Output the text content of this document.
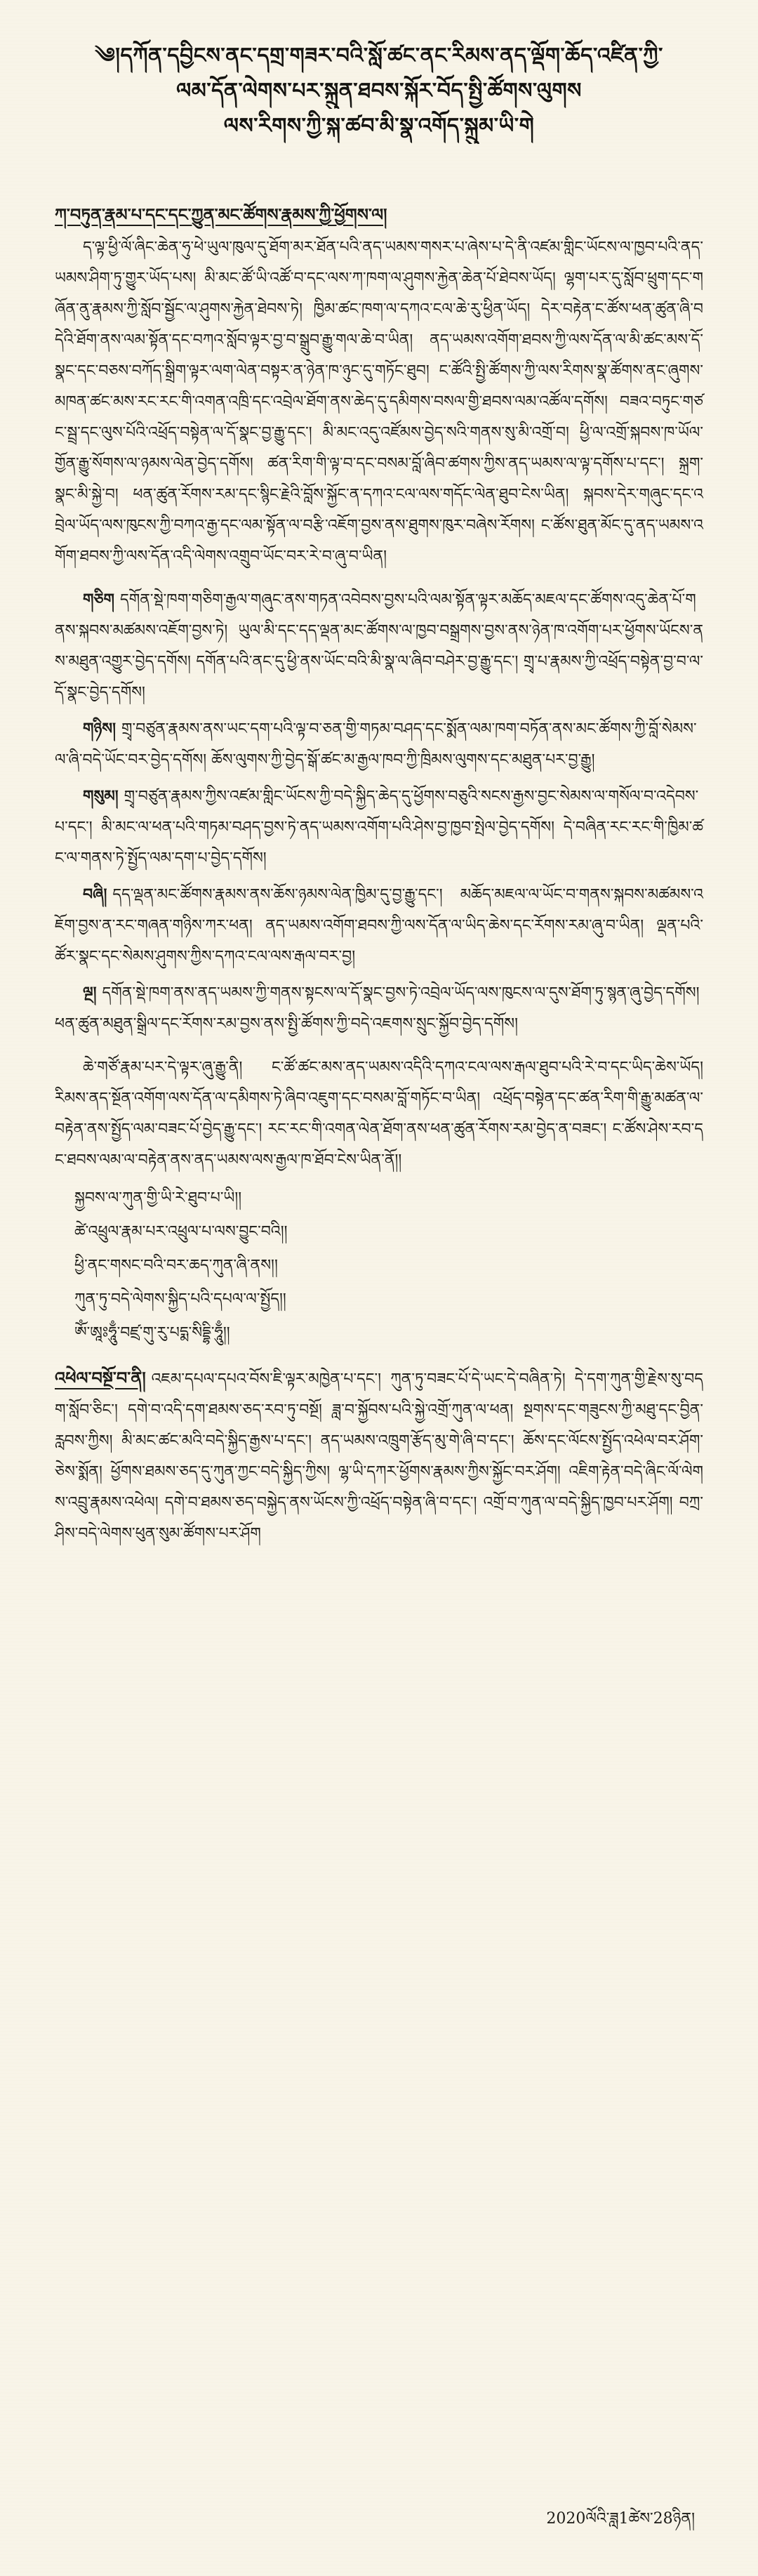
༄།དཀོན་དབྱིངས་ནང་དགྲ་གཟར་བའི་སློ་ཚང་ནང་རིམས་ནད་ལྡོག་ཆོད་འཛིན་ཀྱི་
ལམ་དོན་ལེགས་པར་སྐྲུན་ཐབས་སྐོར་བོད་སྤྱི་ཚོགས་ལུགས
ལས་རིགས་ཀྱི་སྐ་ཚབ་མི་སྣ་འགོད་སྐྲུམ་ཡི་གེ
ཀ་བཏུན་རྣམ་པ་དང་དང་ཀྱུན་མང་ཚོགས་རྣམས་ཀྱི་ཕྱོགས་ལ།

ད་ལྟ་ཕྱི་ལོ་ཞིང་ཆེན་ཧུ་ཕེ་ཡུལ་ཁུལ་དུ་ཐོག་མར་ཐོན་པའི་ནད་ཡམས་གསར་པ་ཞེས་པ་དེ་ནི་འཛམ་གླིང་ཡོངས་ལ་ཁྱབ་པའི་ནད་ཡམས་ཤིག་ཏུ་གྱུར་ཡོད་པས། མི་མང་ཚོ་ཡི་འཚོ་བ་དང་ལས་ཀ་ཁག་ལ་ཤུགས་རྐྱེན་ཆེན་པོ་ཐེབས་ཡོད། ལྷག་པར་དུ་སློབ་ཕྲུག་དང་གཞོན་ནུ་རྣམས་ཀྱི་སློབ་སྦྱོང་ལ་ཤུགས་རྐྱེན་ཐེབས་ཏེ། ཁྱིམ་ཚང་ཁག་ལ་དཀའ་ངལ་ཆེ་རུ་ཕྱིན་ཡོད། དེར་བརྟེན་ང་ཚོས་ཕན་ཚུན་ཞི་བདེའི་ཐོག་ནས་ལམ་སྟོན་དང་བཀའ་སློབ་ལྟར་བྱ་བ་སྒྲུབ་རྒྱུ་གལ་ཆེ་བ་ཡིན། ནད་ཡམས་འགོག་ཐབས་ཀྱི་ལས་དོན་ལ་མི་ཚང་མས་དོ་སྣང་དང་བཅས་བཀོད་སྒྲིག་ལྟར་ལག་ལེན་བསྟར་ན་ཉེན་ཁ་ཉུང་དུ་གཏོང་ཐུབ། ང་ཚོའི་སྤྱི་ཚོགས་ཀྱི་ལས་རིགས་སྣ་ཚོགས་ནང་ཞུགས་མཁན་ཚང་མས་རང་རང་གི་འགན་འཁྲི་དང་འབྲེལ་ཐོག་ནས་ཆེད་དུ་དམིགས་བསལ་གྱི་ཐབས་ལམ་འཚོལ་དགོས། བཟའ་བཏུང་གཙང་སྦྲ་དང་ལུས་པོའི་འཕྲོད་བསྟེན་ལ་དོ་སྣང་བྱ་རྒྱུ་དང་། མི་མང་འདུ་འཛོམས་བྱེད་སའི་གནས་སུ་མི་འགྲོ་བ། ཕྱི་ལ་འགྲོ་སྐབས་ཁ་ཡོལ་གྱོན་རྒྱུ་སོགས་ལ་ཉམས་ལེན་བྱེད་དགོས། ཚན་རིག་གི་ལྟ་བ་དང་བསམ་བློ་ཞིབ་ཚགས་ཀྱིས་ནད་ཡམས་ལ་ལྟ་དགོས་པ་དང་། སྐྲག་སྣང་མི་སྐྱེ་བ། ཕན་ཚུན་རོགས་རམ་དང་སྙིང་རྗེའི་བློས་སྐྱོང་ན་དཀའ་ངལ་ལས་གདོང་ལེན་ཐུབ་ངེས་ཡིན། སྐབས་དེར་གཞུང་དང་འབྲེལ་ཡོད་ལས་ཁུངས་ཀྱི་བཀའ་རྒྱ་དང་ལམ་སྟོན་ལ་བརྩི་འཇོག་བྱས་ནས་ཐུགས་ཁུར་བཞེས་རོགས། ང་ཚོས་ཐུན་མོང་དུ་ནད་ཡམས་འགོག་ཐབས་ཀྱི་ལས་དོན་འདི་ལེགས་འགྲུབ་ཡོང་བར་རེ་བ་ཞུ་བ་ཡིན།

གཅིག དགོན་སྡེ་ཁག་གཅིག་རྒྱལ་གཞུང་ནས་གཏན་འབེབས་བྱས་པའི་ལམ་སྟོན་ལྟར་མཆོད་མཇལ་དང་ཚོགས་འདུ་ཆེན་པོ་གནས་སྐབས་མཚམས་འཇོག་བྱས་ཏེ། ཡུལ་མི་དང་དད་ལྡན་མང་ཚོགས་ལ་ཁྱབ་བསྒྲགས་བྱས་ནས་ཉེན་ཁ་འགོག་པར་ཕྱོགས་ཡོངས་ནས་མཐུན་འགྱུར་བྱེད་དགོས། དགོན་པའི་ནང་དུ་ཕྱི་ནས་ཡོང་བའི་མི་སྣ་ལ་ཞིབ་བཤེར་བྱ་རྒྱུ་དང་། གྲྭ་པ་རྣམས་ཀྱི་འཕྲོད་བསྟེན་བྱ་བ་ལ་དོ་སྣང་བྱེད་དགོས།

གཉིས། གྲྭ་བཙུན་རྣམས་ནས་ཡང་དག་པའི་ལྟ་བ་ཅན་གྱི་གཏམ་བཤད་དང་སྨོན་ལམ་ཁག་བཏོན་ནས་མང་ཚོགས་ཀྱི་བློ་སེམས་ལ་ཞི་བདེ་ཡོང་བར་བྱེད་དགོས། ཆོས་ལུགས་ཀྱི་བྱེད་སྒོ་ཚང་མ་རྒྱལ་ཁབ་ཀྱི་ཁྲིམས་ལུགས་དང་མཐུན་པར་བྱ་རྒྱུ།

གསུམ། གྲྭ་བཙུན་རྣམས་ཀྱིས་འཛམ་གླིང་ཡོངས་ཀྱི་བདེ་སྐྱིད་ཆེད་དུ་ཕྱོགས་བཅུའི་སངས་རྒྱས་བྱང་སེམས་ལ་གསོལ་བ་འདེབས་པ་དང་། མི་མང་ལ་ཕན་པའི་གཏམ་བཤད་བྱས་ཏེ་ནད་ཡམས་འགོག་པའི་ཤེས་བྱ་ཁྱབ་སྤེལ་བྱེད་དགོས། དེ་བཞིན་རང་རང་གི་ཁྱིམ་ཚང་ལ་གནས་ཏེ་སྤྱོད་ལམ་དག་པ་བྱེད་དགོས།

བཞི། དད་ལྡན་མང་ཚོགས་རྣམས་ནས་ཆོས་ཉམས་ལེན་ཁྱིམ་དུ་བྱ་རྒྱུ་དང་། མཆོད་མཇལ་ལ་ཡོང་བ་གནས་སྐབས་མཚམས་འཇོག་བྱས་ན་རང་གཞན་གཉིས་ཀར་ཕན། ནད་ཡམས་འགོག་ཐབས་ཀྱི་ལས་དོན་ལ་ཡིད་ཆེས་དང་རོགས་རམ་ཞུ་བ་ཡིན། ལྡན་པའི་ཚོར་སྣང་དང་སེམས་ཤུགས་ཀྱིས་དཀའ་ངལ་ལས་རྒལ་བར་བྱ།

ལྔ། དགོན་སྡེ་ཁག་ནས་ནད་ཡམས་ཀྱི་གནས་སྟངས་ལ་དོ་སྣང་བྱས་ཏེ་འབྲེལ་ཡོད་ལས་ཁུངས་ལ་དུས་ཐོག་ཏུ་སྙན་ཞུ་བྱེད་དགོས། ཕན་ཚུན་མཐུན་སྒྲིལ་དང་རོགས་རམ་བྱས་ནས་སྤྱི་ཚོགས་ཀྱི་བདེ་འཇགས་སྲུང་སྐྱོབ་བྱེད་དགོས།

ཆེ་གཙོ་རྣམ་པར་དེ་ལྟར་ཞུ་རྒྱུ་ནི། ང་ཚོ་ཚང་མས་ནད་ཡམས་འདིའི་དཀའ་ངལ་ལས་རྒལ་ཐུབ་པའི་རེ་བ་དང་ཡིད་ཆེས་ཡོད། རིམས་ནད་སྔོན་འགོག་ལས་དོན་ལ་དམིགས་ཏེ་ཞིབ་འཇུག་དང་བསམ་བློ་གཏོང་བ་ཡིན། འཕྲོད་བསྟེན་དང་ཚན་རིག་གི་རྒྱུ་མཚན་ལ་བརྟེན་ནས་སྤྱོད་ལམ་བཟང་པོ་བྱེད་རྒྱུ་དང་། རང་རང་གི་འགན་ལེན་ཐོག་ནས་ཕན་ཚུན་རོགས་རམ་བྱེད་ན་བཟང་། ང་ཚོས་ཤེས་རབ་དང་ཐབས་ལམ་ལ་བརྟེན་ནས་ནད་ཡམས་ལས་རྒྱལ་ཁ་ཐོབ་ངེས་ཡིན་ནོ།།

སྐྱབས་ལ་ཀུན་གྱི་ཡི་རེ་ཐུབ་པ་ཡི།།
ཚེ་འཕྲུལ་རྣམ་པར་འཕྲུལ་པ་ལས་བྱུང་བའི།།
ཕྱི་ནང་གསང་བའི་བར་ཆད་ཀུན་ཞི་ནས།།
ཀུན་ཏུ་བདེ་ལེགས་སྐྱིད་པའི་དཔལ་ལ་སྤྱོད།།
ཨོཾ་ཨཱཿཧཱུྃ་བཛྲ་གུ་རུ་པདྨ་སིདྡྷི་ཧཱུྃ།།

འཕེལ་བསྔོ་བ་ནི། འཇམ་དཔལ་དཔའ་བོས་ཇི་ལྟར་མཁྱེན་པ་དང་། ཀུན་ཏུ་བཟང་པོ་དེ་ཡང་དེ་བཞིན་ཏེ། དེ་དག་ཀུན་གྱི་རྗེས་སུ་བདག་སློབ་ཅིང་། དགེ་བ་འདི་དག་ཐམས་ཅད་རབ་ཏུ་བསྔོ། ཟླ་བ་སྐྱོབས་པའི་སྐྱེ་འགྲོ་ཀུན་ལ་ཕན། སྔགས་དང་གཟུངས་ཀྱི་མཐུ་དང་བྱིན་རླབས་ཀྱིས། མི་མང་ཚང་མའི་བདེ་སྐྱིད་རྒྱས་པ་དང་། ནད་ཡམས་འཁྲུག་རྩོད་མུ་གེ་ཞི་བ་དང་། ཆོས་དང་ལོངས་སྤྱོད་འཕེལ་བར་ཤོག་ཅེས་སྨོན། ཕྱོགས་ཐམས་ཅད་དུ་ཀུན་ཀྱང་བདེ་སྐྱིད་ཀྱིས། ལྷ་ཡི་དཀར་ཕྱོགས་རྣམས་ཀྱིས་སྐྱོང་བར་ཤོག། འཇིག་རྟེན་བདེ་ཞིང་ལོ་ལེགས་འབྲུ་རྣམས་འཕེལ། དགེ་བ་ཐམས་ཅད་བསྐྱེད་ནས་ཡོངས་ཀྱི་འཕྲོད་བསྟེན་ཞི་བ་དང་། འགྲོ་བ་ཀུན་ལ་བདེ་སྐྱིད་ཁྱབ་པར་ཤོག། བཀྲ་ཤིས་བདེ་ལེགས་ཕུན་སུམ་ཚོགས་པར་ཤོག

2020ལོའི་ཟླ1ཚེས་28ཉིན།
